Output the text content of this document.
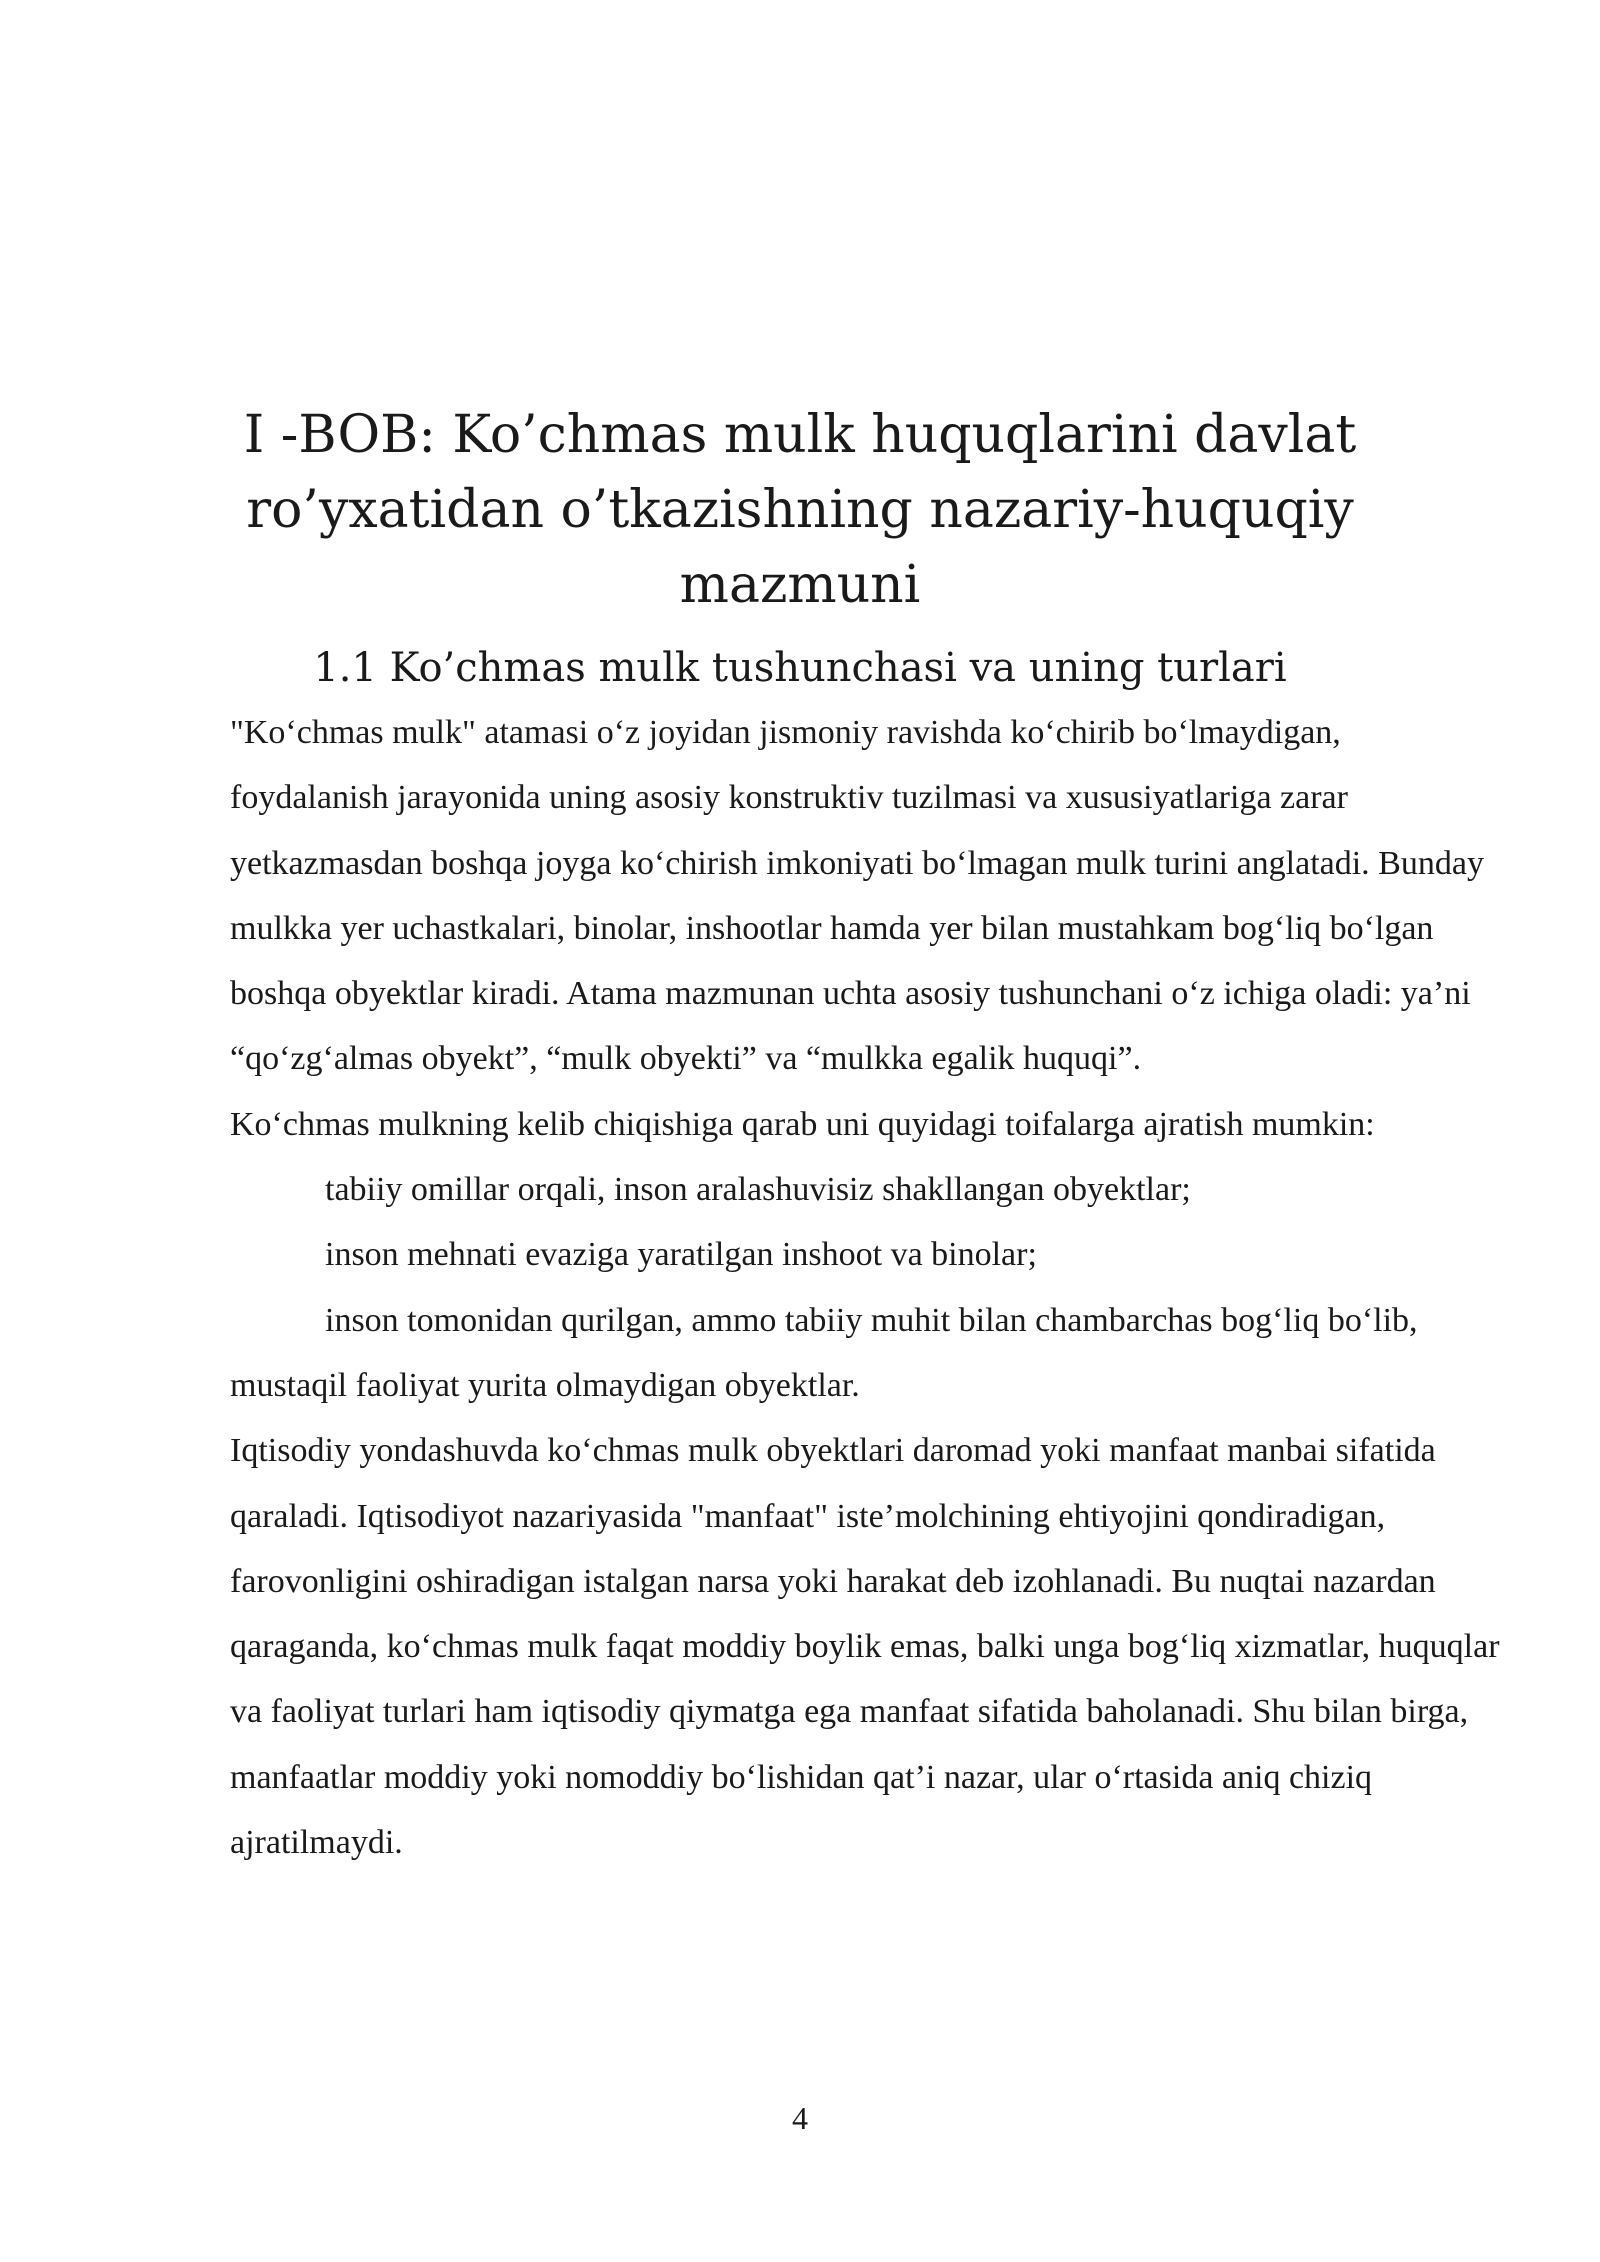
I -BOB: Ko’chmas mulk huquqlarini davlat ro’yxatidan o’tkazishning nazariy-huquqiy mazmuni
1.1 Ko’chmas mulk tushunchasi va uning turlari

"Ko‘chmas mulk" atamasi o‘z joyidan jismoniy ravishda ko‘chirib bo‘lmaydigan, foydalanish jarayonida uning asosiy konstruktiv tuzilmasi va xususiyatlariga zarar yetkazmasdan boshqa joyga ko‘chirish imkoniyati bo‘lmagan mulk turini anglatadi. Bunday mulkka yer uchastkalari, binolar, inshootlar hamda yer bilan mustahkam bog‘liq bo‘lgan boshqa obyektlar kiradi. Atama mazmunan uchta asosiy tushunchani o‘z ichiga oladi: ya’ni “qo‘zg‘almas obyekt”, “mulk obyekti” va “mulkka egalik huquqi”.

Ko‘chmas mulkning kelib chiqishiga qarab uni quyidagi toifalarga ajratish mumkin:

tabiiy omillar orqali, inson aralashuvisiz shakllangan obyektlar;

inson mehnati evaziga yaratilgan inshoot va binolar;

inson tomonidan qurilgan, ammo tabiiy muhit bilan chambarchas bog‘liq bo‘lib, mustaqil faoliyat yurita olmaydigan obyektlar.

Iqtisodiy yondashuvda ko‘chmas mulk obyektlari daromad yoki manfaat manbai sifatida qaraladi. Iqtisodiyot nazariyasida "manfaat" iste’molchining ehtiyojini qondiradigan, farovonligini oshiradigan istalgan narsa yoki harakat deb izohlanadi. Bu nuqtai nazardan qaraganda, ko‘chmas mulk faqat moddiy boylik emas, balki unga bog‘liq xizmatlar, huquqlar va faoliyat turlari ham iqtisodiy qiymatga ega manfaat sifatida baholanadi. Shu bilan birga, manfaatlar moddiy yoki nomoddiy bo‘lishidan qat’i nazar, ular o‘rtasida aniq chiziq ajratilmaydi.

4
